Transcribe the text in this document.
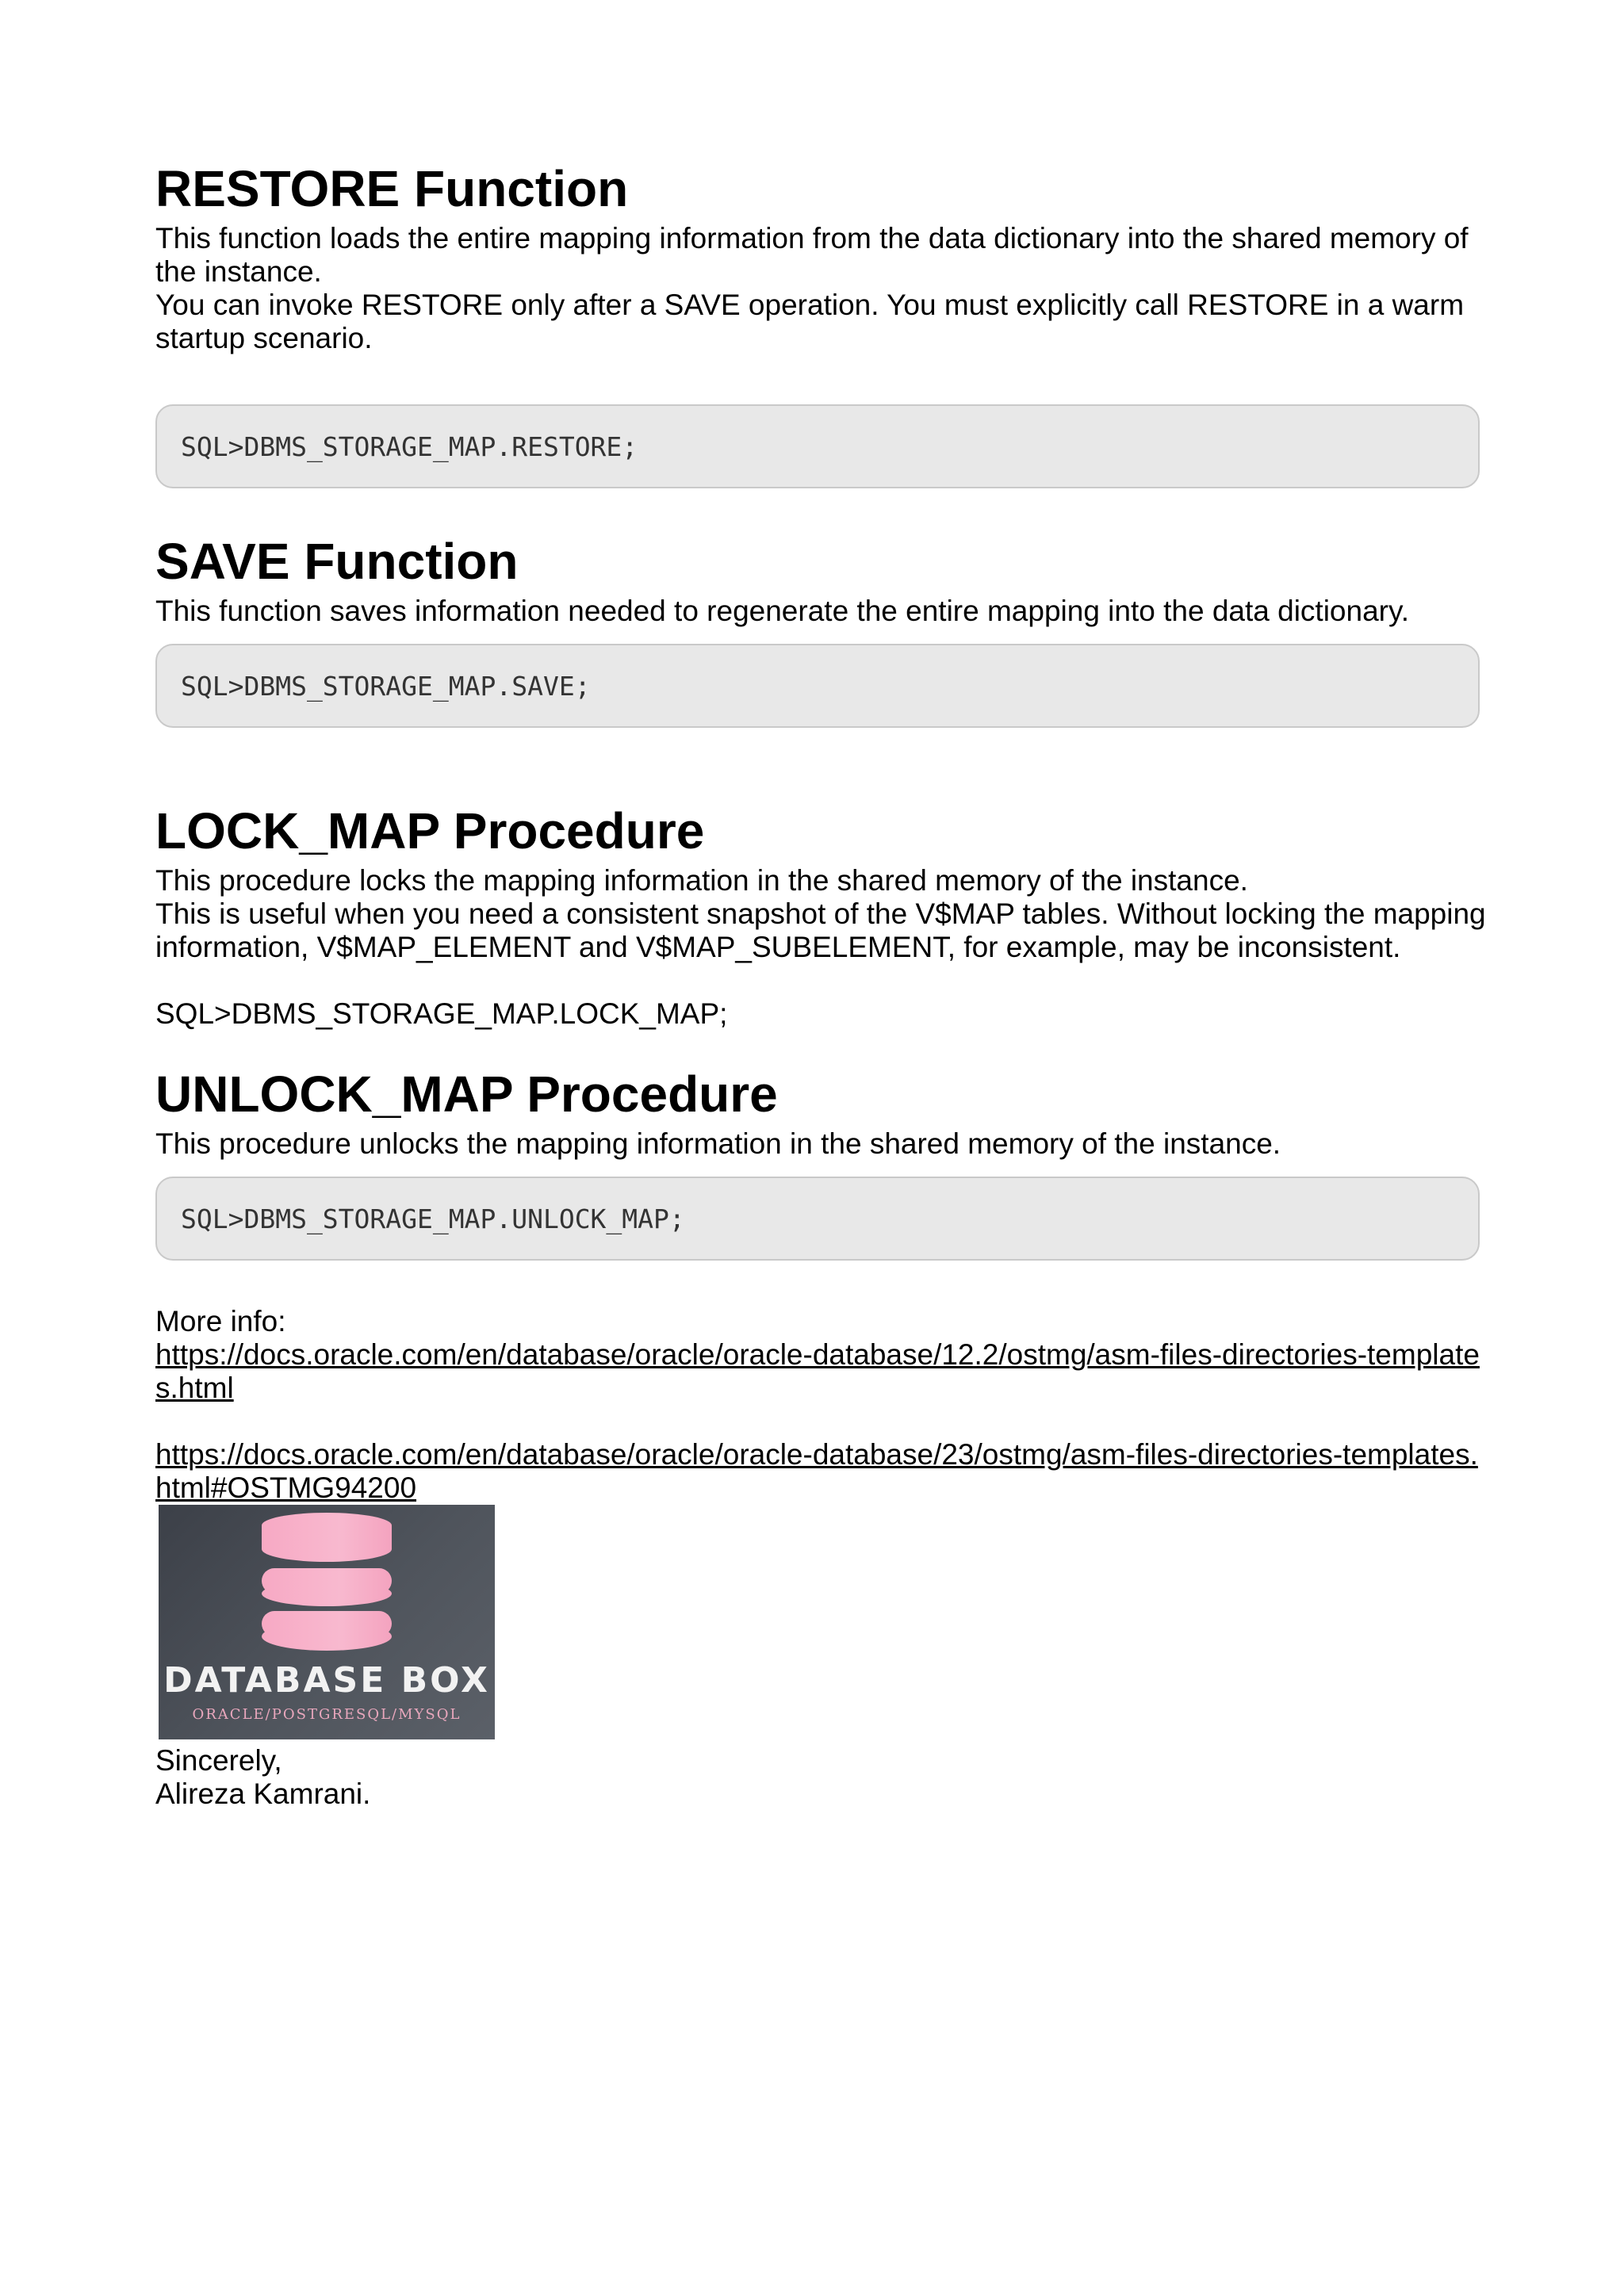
RESTORE Function

This function loads the entire mapping information from the data dictionary into the shared memory of the instance.

You can invoke RESTORE only after a SAVE operation. You must explicitly call RESTORE in a warm startup scenario.

SQL>DBMS_STORAGE_MAP.RESTORE;
SAVE Function

This function saves information needed to regenerate the entire mapping into the data dictionary.

SQL>DBMS_STORAGE_MAP.SAVE;
LOCK_MAP Procedure

This procedure locks the mapping information in the shared memory of the instance.

This is useful when you need a consistent snapshot of the V$MAP tables. Without locking the mapping information, V$MAP_ELEMENT and V$MAP_SUBELEMENT, for example, may be inconsistent.

SQL>DBMS_STORAGE_MAP.LOCK_MAP;

UNLOCK_MAP Procedure

This procedure unlocks the mapping information in the shared memory of the instance.

SQL>DBMS_STORAGE_MAP.UNLOCK_MAP;

More info:

https://docs.oracle.com/en/database/oracle/oracle-database/12.2/ostmg/asm-files-directories-templates.html
https://docs.oracle.com/en/database/oracle/oracle-database/23/ostmg/asm-files-directories-templates.html#OSTMG94200
DATABASE BOX
ORACLE/POSTGRESQL/MYSQL

Sincerely,

Alireza Kamrani.
